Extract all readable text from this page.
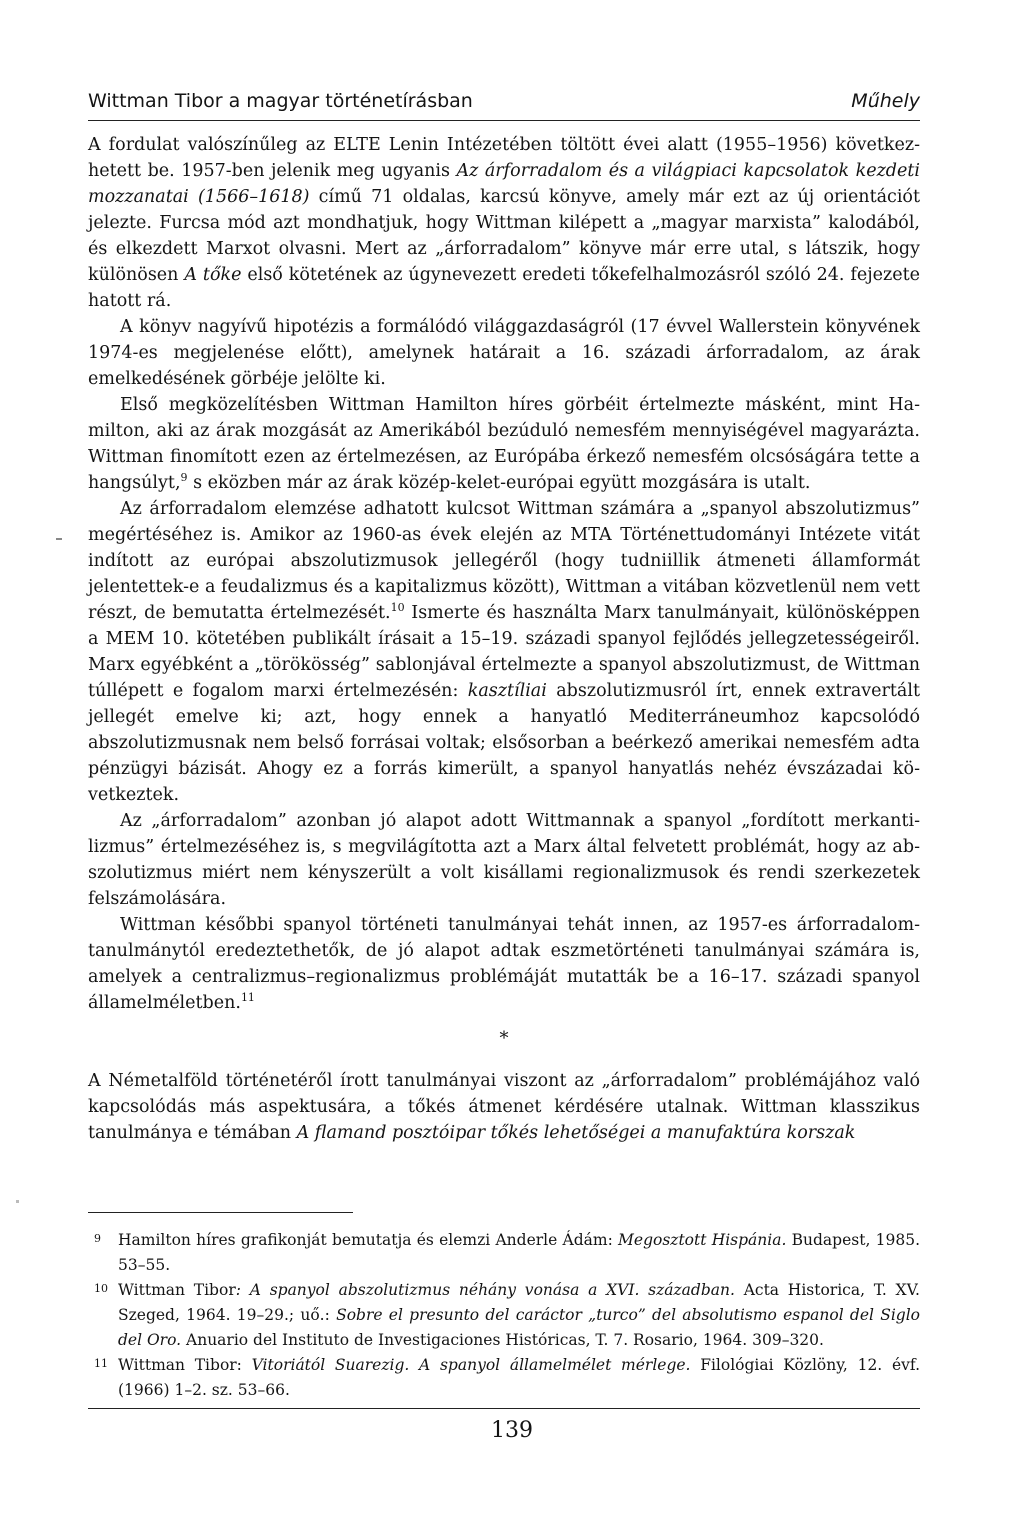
Wittman Tibor a magyar történetírásban	Műhely

A fordulat valószínűleg az ELTE Lenin Intézetében töltött évei alatt (1955–1956) következhetett be. 1957-ben jelenik meg ugyanis Az árforradalom és a világpiaci kapcsolatok kezdeti mozzanatai (1566–1618) című 71 oldalas, karcsú könyve, amely már ezt az új orientációt jelezte. Furcsa mód azt mondhatjuk, hogy Wittman kilépett a „magyar marxista” kalodából, és elkezdett Marxot olvasni. Mert az „árforradalom” könyve már erre utal, s látszik, hogy különösen A tőke első kötetének az úgynevezett eredeti tőkefelhalmozásról szóló 24. fejezete hatott rá.

A könyv nagyívű hipotézis a formálódó világgazdaságról (17 évvel Wallerstein könyvének 1974-es megjelenése előtt), amelynek határait a 16. századi árforradalom, az árak emelkedésének görbéje jelölte ki.

Első megközelítésben Wittman Hamilton híres görbéit értelmezte másként, mint Hamilton, aki az árak mozgását az Amerikából bezúduló nemesfém mennyiségével magyarázta. Wittman finomított ezen az értelmezésen, az Európába érkező nemesfém olcsóságára tette a hangsúlyt,$^9$ s eközben már az árak közép-kelet-európai együtt mozgására is utalt.

Az árforradalom elemzése adhatott kulcsot Wittman számára a „spanyol abszolutizmus” megértéséhez is. Amikor az 1960-as évek elején az MTA Történettudományi Intézete vitát indított az európai abszolutizmusok jellegéről (hogy tudniillik átmeneti államformát jelentettek-e a feudalizmus és a kapitalizmus között), Wittman a vitában közvetlenül nem vett részt, de bemutatta értelmezését.$^{10}$ Ismerte és használta Marx tanulmányait, különösképpen a MEM 10. kötetében publikált írásait a 15–19. századi spanyol fejlődés jellegzetességeiről. Marx egyébként a „törökösség” sablonjával értelmezte a spanyol abszolutizmust, de Wittman túllépett e fogalom marxi értelmezésén: kasztíliai abszolutizmusról írt, ennek extravertált jellegét emelve ki; azt, hogy ennek a hanyatló Mediterráneumhoz kapcsolódó abszolutizmusnak nem belső forrásai voltak; elsősorban a beérkező amerikai nemesfém adta pénzügyi bázisát. Ahogy ez a forrás kimerült, a spanyol hanyatlás nehéz évszázadai következtek.

Az „árforradalom” azonban jó alapot adott Wittmannak a spanyol „fordított merkantilizmus” értelmezéséhez is, s megvilágította azt a Marx által felvetett problémát, hogy az abszolutizmus miért nem kényszerült a volt kisállami regionalizmusok és rendi szerkezetek felszámolására.

Wittman későbbi spanyol történeti tanulmányai tehát innen, az 1957-es árforradalomtanulmánytól eredeztethetők, de jó alapot adtak eszmetörténeti tanulmányai számára is, amelyek a centralizmus–regionalizmus problémáját mutatták be a 16–17. századi spanyol államelméletben.$^{11}$

*

A Németalföld történetéről írott tanulmányai viszont az „árforradalom” problémájához való kapcsolódás más aspektusára, a tőkés átmenet kérdésére utalnak. Wittman klasszikus tanulmánya e témában A flamand posztóipar tőkés lehetőségei a manufaktúra korszak

9 Hamilton híres grafikonját bemutatja és elemzi Anderle Ádám: Megosztott Hispánia. Budapest, 1985. 53–55.
10 Wittman Tibor: A spanyol abszolutizmus néhány vonása a XVI. században. Acta Historica, T. XV. Szeged, 1964. 19–29.; uő.: Sobre el presunto del caráctor „turco” del absolutismo espanol del Siglo del Oro. Anuario del Instituto de Investigaciones Históricas, T. 7. Rosario, 1964. 309–320.
11 Wittman Tibor: Vitoriától Suarezig. A spanyol államelmélet mérlege. Filológiai Közlöny, 12. évf. (1966) 1–2. sz. 53–66.
139
